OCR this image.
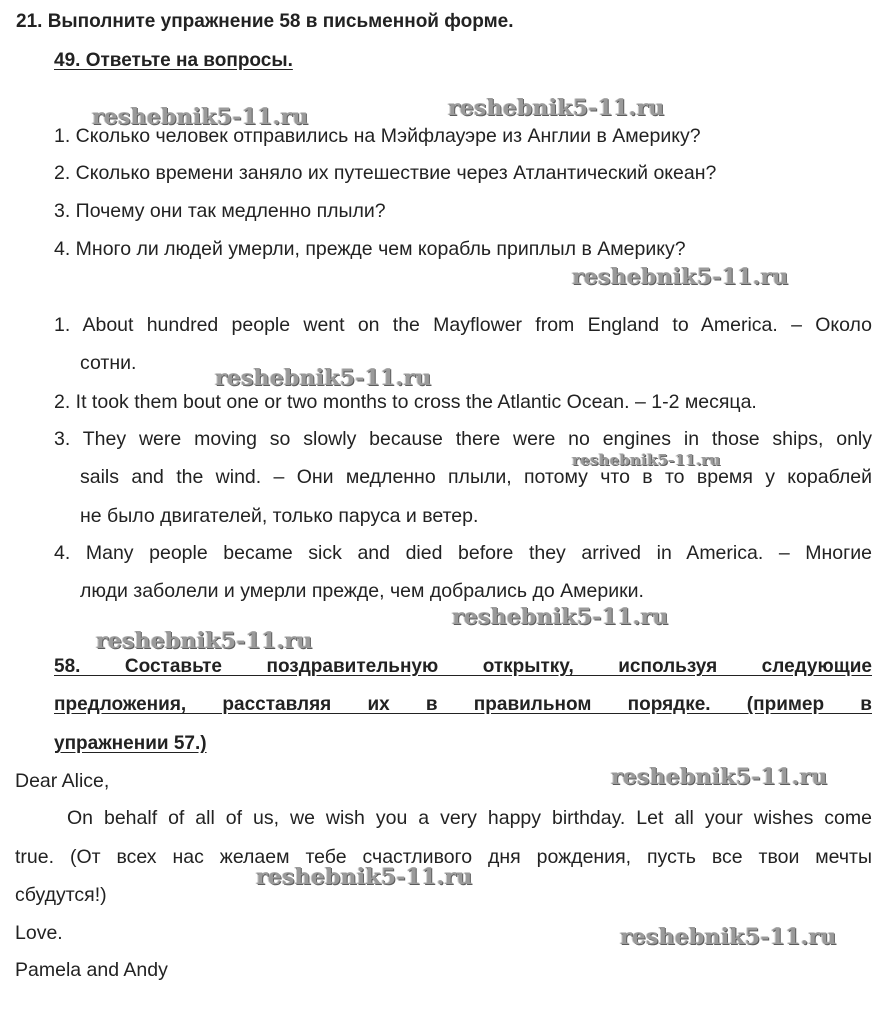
21. Выполните упражнение 58 в письменной форме.
49. Ответьте на вопросы.
1. Сколько человек отправились на Мэйфлауэре из Англии в Америку?
2. Сколько времени заняло их путешествие через Атлантический океан?
3. Почему они так медленно плыли?
4. Много ли людей умерли, прежде чем корабль приплыл в Америку?
1. About hundred people went on the Mayflower from England to America. – Около
сотни.
2. It took them bout one or two months to cross the Atlantic Ocean. – 1-2 месяца.
3. They were moving so slowly because there were no engines in those ships, only
sails and the wind. – Они медленно плыли, потому что в то время у кораблей
не было двигателей, только паруса и ветер.
4. Many people became sick and died before they arrived in America. – Многие
люди заболели и умерли прежде, чем добрались до Америки.
58. Составьте поздравительную открытку, используя следующие
предложения, расставляя их в правильном порядке. (пример в
упражнении 57.)
Dear Alice,
On behalf of all of us, we wish you a very happy birthday. Let all your wishes come
true. (От всех нас желаем тебе счастливого дня рождения, пусть все твои мечты
сбудутся!)
Love.
Pamela and Andy
reshebnik5-11.ru	reshebnik5-11.ru
reshebnik5-11.ru
reshebnik5-11.ru
reshebnik5-11.ru
reshebnik5-11.ru
reshebnik5-11.ru
reshebnik5-11.ru
reshebnik5-11.ru
reshebnik5-11.ru
